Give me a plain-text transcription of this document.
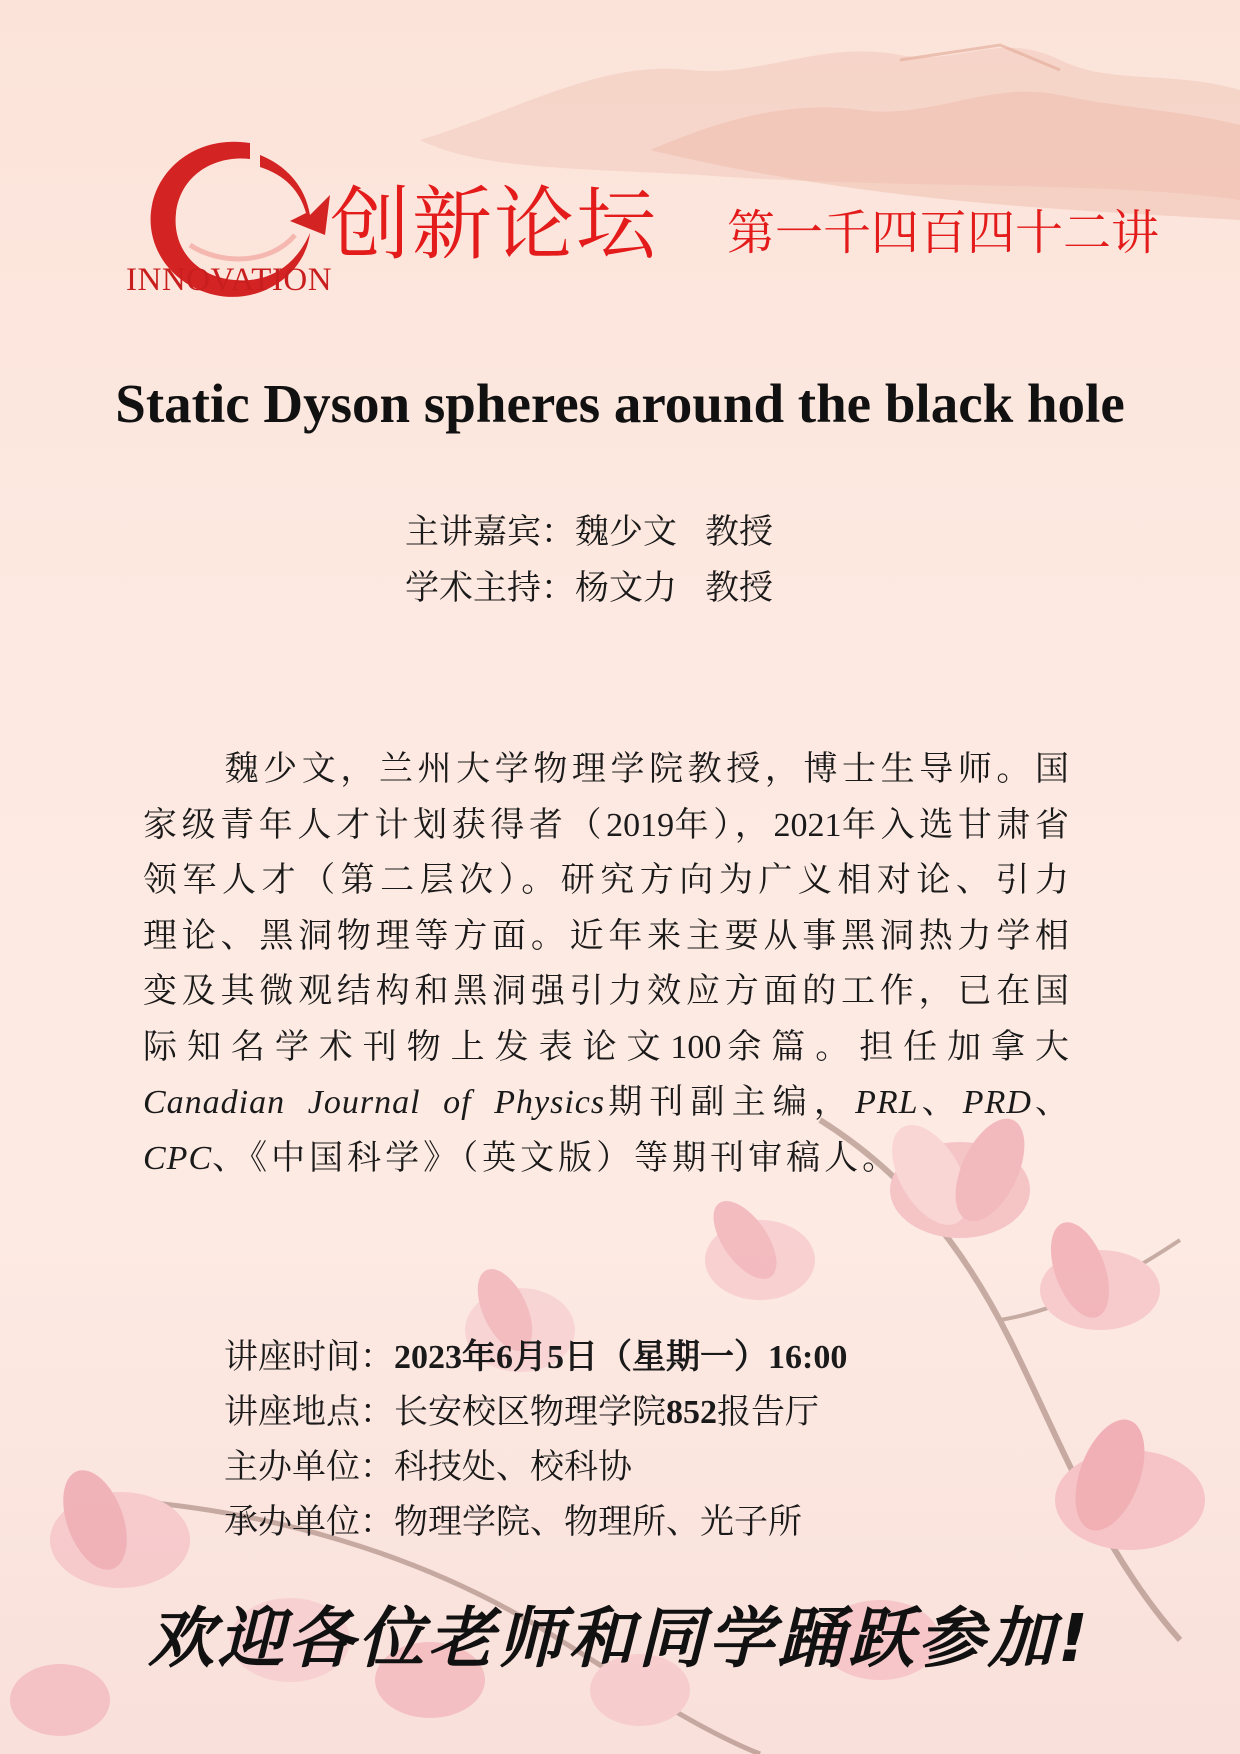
INNOVATION
创新论坛 第一千四百四十二讲
Static Dyson spheres around the black hole
主讲嘉宾：魏少文 教授
学术主持：杨文力 教授

魏少文，兰州大学物理学院教授，博士生导师。国家级青年人才计划获得者（2019年），2021年入选甘肃省领军人才（第二层次）。研究方向为广义相对论、引力理论、黑洞物理等方面。近年来主要从事黑洞热力学相变及其微观结构和黑洞强引力效应方面的工作，已在国际知名学术刊物上发表论文100余篇。担任加拿大Canadian Journal of Physics期刊副主编，PRL、PRD、CPC、《中国科学》（英文版）等期刊审稿人。

讲座时间：2023年6月5日（星期一）16:00
讲座地点：长安校区物理学院852报告厅
主办单位：科技处、校科协
承办单位：物理学院、物理所、光子所
欢迎各位老师和同学踊跃参加!
